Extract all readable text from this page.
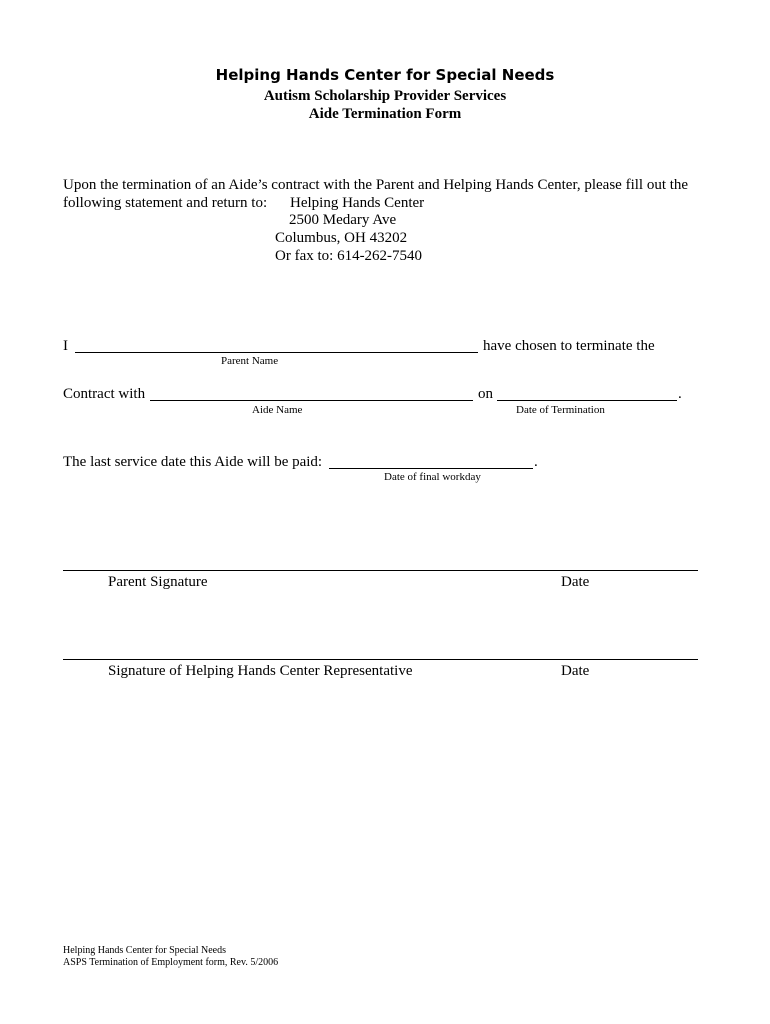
Helping Hands Center for Special Needs
Autism Scholarship Provider Services
Aide Termination Form
Upon the termination of an Aide’s contract with the Parent and Helping Hands Center, please fill out the
following statement and return to: Helping Hands Center
2500 Medary Ave
Columbus, OH 43202
Or fax to: 614-262-7540
I	have chosen to terminate the
Parent Name
Contract with	on	.
Aide Name	Date of Termination
The last service date this Aide will be paid:	.
Date of final workday
Parent Signature	Date
Signature of Helping Hands Center Representative	Date
Helping Hands Center for Special Needs
ASPS Termination of Employment form, Rev. 5/2006
